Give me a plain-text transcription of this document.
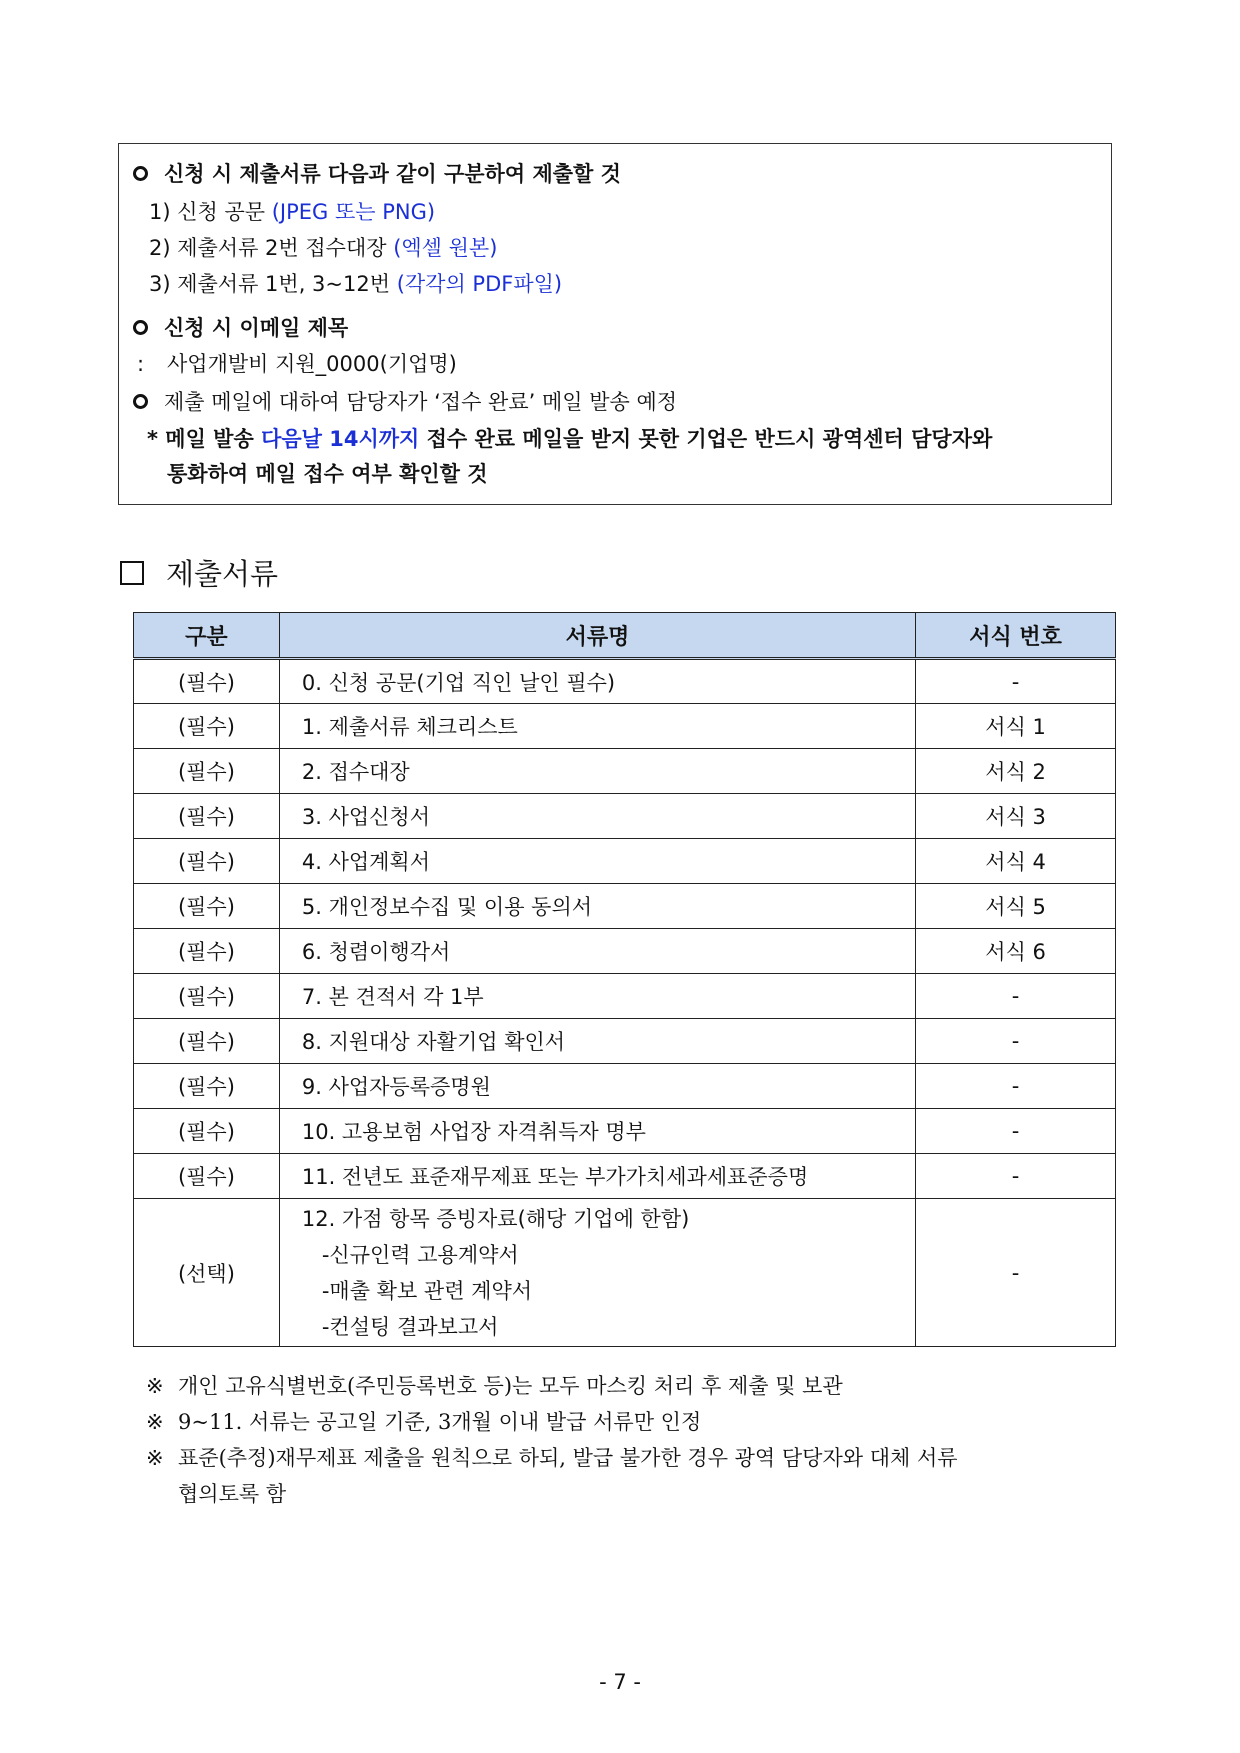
신청 시 제출서류 다음과 같이 구분하여 제출할 것
1) 신청 공문 (JPEG 또는 PNG)
2) 제출서류 2번 접수대장 (엑셀 원본)
3) 제출서류 1번, 3~12번 (각각의 PDF파일)
신청 시 이메일 제목
: 사업개발비 지원_0000(기업명)
제출 메일에 대하여 담당자가 ‘접수 완료’ 메일 발송 예정
* 메일 발송 다음날 14시까지 접수 완료 메일을 받지 못한 기업은 반드시 광역센터 담당자와
통화하여 메일 접수 여부 확인할 것
제출서류
구분	서류명	서식 번호
(필수)	0. 신청 공문(기업 직인 날인 필수)	-
(필수)	1. 제출서류 체크리스트	서식 1
(필수)	2. 접수대장	서식 2
(필수)	3. 사업신청서	서식 3
(필수)	4. 사업계획서	서식 4
(필수)	5. 개인정보수집 및 이용 동의서	서식 5
(필수)	6. 청렴이행각서	서식 6
(필수)	7. 본 견적서 각 1부	-
(필수)	8. 지원대상 자활기업 확인서	-
(필수)	9. 사업자등록증명원	-
(필수)	10. 고용보험 사업장 자격취득자 명부	-
(필수)	11. 전년도 표준재무제표 또는 부가가치세과세표준증명	-
(선택)	12. 가점 항목 증빙자료(해당 기업에 한함)
-신규인력 고용계약서
-매출 확보 관련 계약서
-컨설팅 결과보고서	-
※ 개인 고유식별번호(주민등록번호 등)는 모두 마스킹 처리 후 제출 및 보관
※ 9~11. 서류는 공고일 기준, 3개월 이내 발급 서류만 인정
※ 표준(추정)재무제표 제출을 원칙으로 하되, 발급 불가한 경우 광역 담당자와 대체 서류
협의토록 함
- 7 -
